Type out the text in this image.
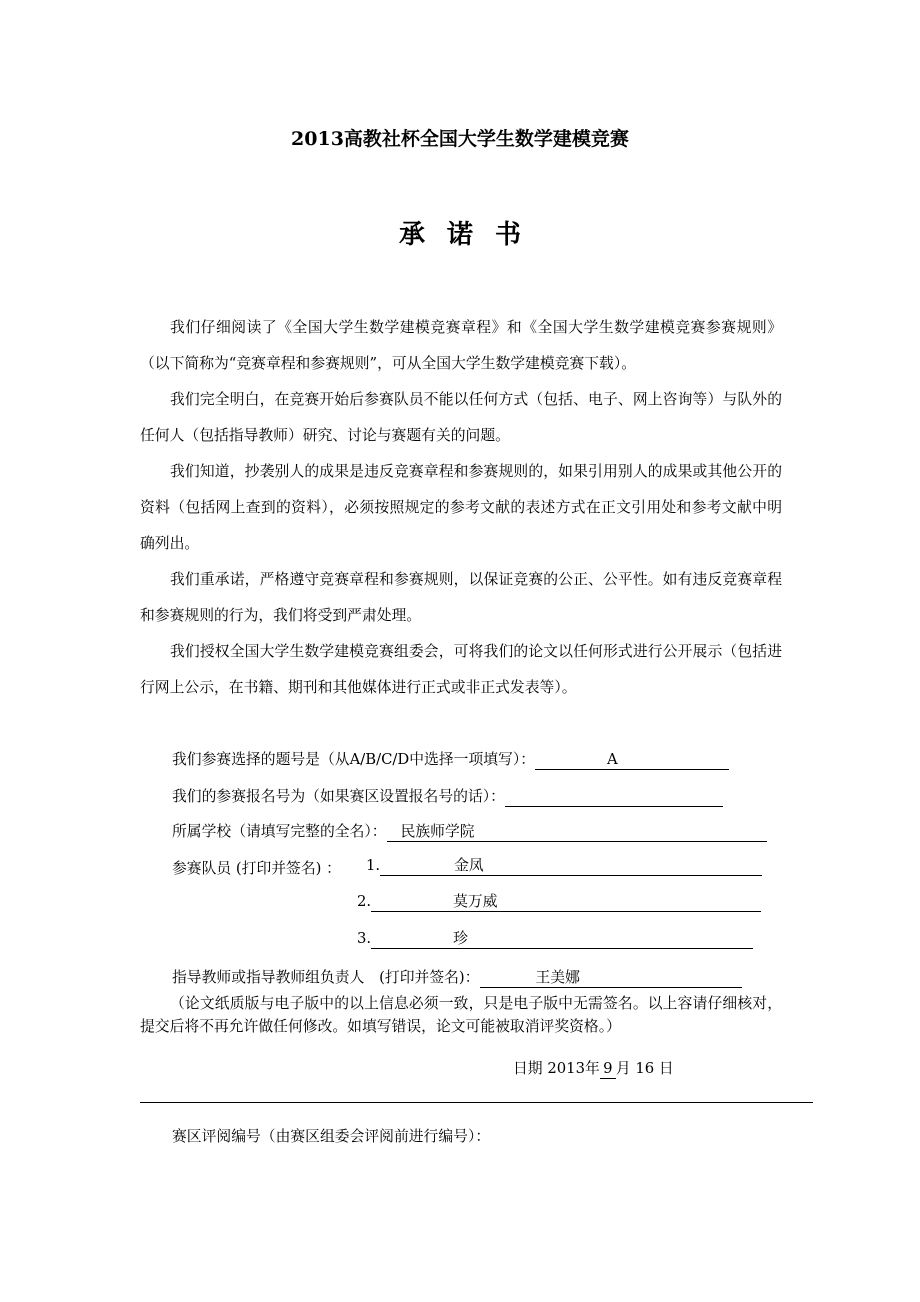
2013高教社杯全国大学生数学建模竞赛
承诺书

我们仔细阅读了《全国大学生数学建模竞赛章程》和《全国大学生数学建模竞赛参赛规则》（以下简称为“竞赛章程和参赛规则”，可从全国大学生数学建模竞赛下载）。

我们完全明白，在竞赛开始后参赛队员不能以任何方式（包括、电子、网上咨询等）与队外的任何人（包括指导教师）研究、讨论与赛题有关的问题。

我们知道，抄袭别人的成果是违反竞赛章程和参赛规则的，如果引用别人的成果或其他公开的资料（包括网上查到的资料），必须按照规定的参考文献的表述方式在正文引用处和参考文献中明确列出。

我们重承诺，严格遵守竞赛章程和参赛规则，以保证竞赛的公正、公平性。如有违反竞赛章程和参赛规则的行为，我们将受到严肃处理。

我们授权全国大学生数学建模竞赛组委会，可将我们的论文以任何形式进行公开展示（包括进行网上公示，在书籍、期刊和其他媒体进行正式或非正式发表等）。

我们参赛选择的题号是（从A/B/C/D中选择一项填写）：	A
我们的参赛报名号为（如果赛区设置报名号的话）：
所属学校（请填写完整的全名）： 民族师学院
参赛队员 (打印并签名) ： 1.	金凤
2.	莫万威
3.	珍
指导教师或指导教师组负责人　(打印并签名)：	王美娜

（论文纸质版与电子版中的以上信息必须一致，只是电子版中无需签名。以上容请仔细核对，提交后将不再允许做任何修改。如填写错误，论文可能被取消评奖资格。）

日期 2013年 9 月 16 日
赛区评阅编号（由赛区组委会评阅前进行编号）：
